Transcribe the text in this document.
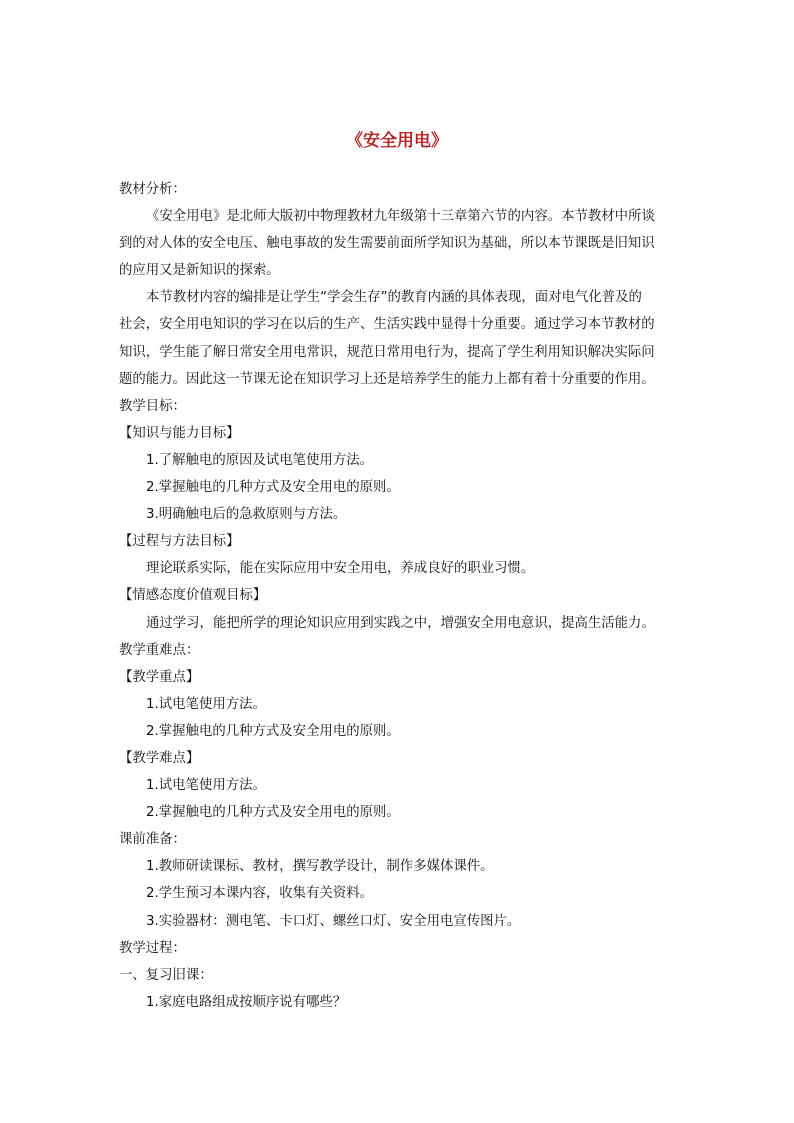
《安全用电》
教材分析：
《安全用电》是北师大版初中物理教材九年级第十三章第六节的内容。本节教材中所谈
到的对人体的安全电压、触电事故的发生需要前面所学知识为基础，所以本节课既是旧知识
的应用又是新知识的探索。
本节教材内容的编排是让学生“学会生存”的教育内涵的具体表现，面对电气化普及的
社会，安全用电知识的学习在以后的生产、生活实践中显得十分重要。通过学习本节教材的
知识，学生能了解日常安全用电常识，规范日常用电行为，提高了学生利用知识解决实际问
题的能力。因此这一节课无论在知识学习上还是培养学生的能力上都有着十分重要的作用。
教学目标：
【知识与能力目标】
1.了解触电的原因及试电笔使用方法。
2.掌握触电的几种方式及安全用电的原则。
3.明确触电后的急救原则与方法。
【过程与方法目标】
理论联系实际，能在实际应用中安全用电，养成良好的职业习惯。
【情感态度价值观目标】
通过学习，能把所学的理论知识应用到实践之中，增强安全用电意识，提高生活能力。
教学重难点：
【教学重点】
1.试电笔使用方法。
2.掌握触电的几种方式及安全用电的原则。
【教学难点】
1.试电笔使用方法。
2.掌握触电的几种方式及安全用电的原则。
课前准备：
1.教师研读课标、教材，撰写教学设计，制作多媒体课件。
2.学生预习本课内容，收集有关资料。
3.实验器材：测电笔、卡口灯、螺丝口灯、安全用电宣传图片。
教学过程：
一、复习旧课：
1.家庭电路组成按顺序说有哪些？
